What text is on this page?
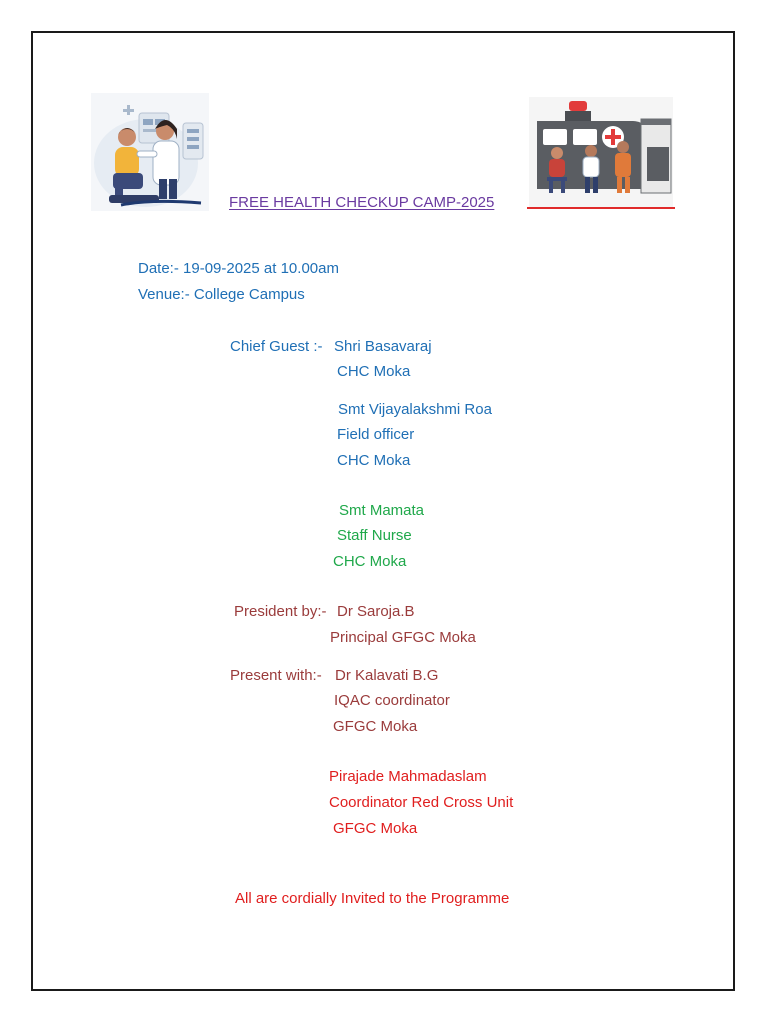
FREE HEALTH CHECKUP CAMP-2025
Date:- 19-09-2025 at 10.00am
Venue:- College Campus
Chief Guest :- Shri Basavaraj
CHC Moka
Smt Vijayalakshmi Roa
Field officer
CHC Moka
Smt Mamata
Staff Nurse
CHC Moka
President by:- Dr Saroja.B
Principal GFGC Moka
Present with:- Dr Kalavati B.G
IQAC coordinator
GFGC Moka
Pirajade Mahmadaslam
Coordinator Red Cross Unit
GFGC Moka
All are cordially Invited to the Programme
